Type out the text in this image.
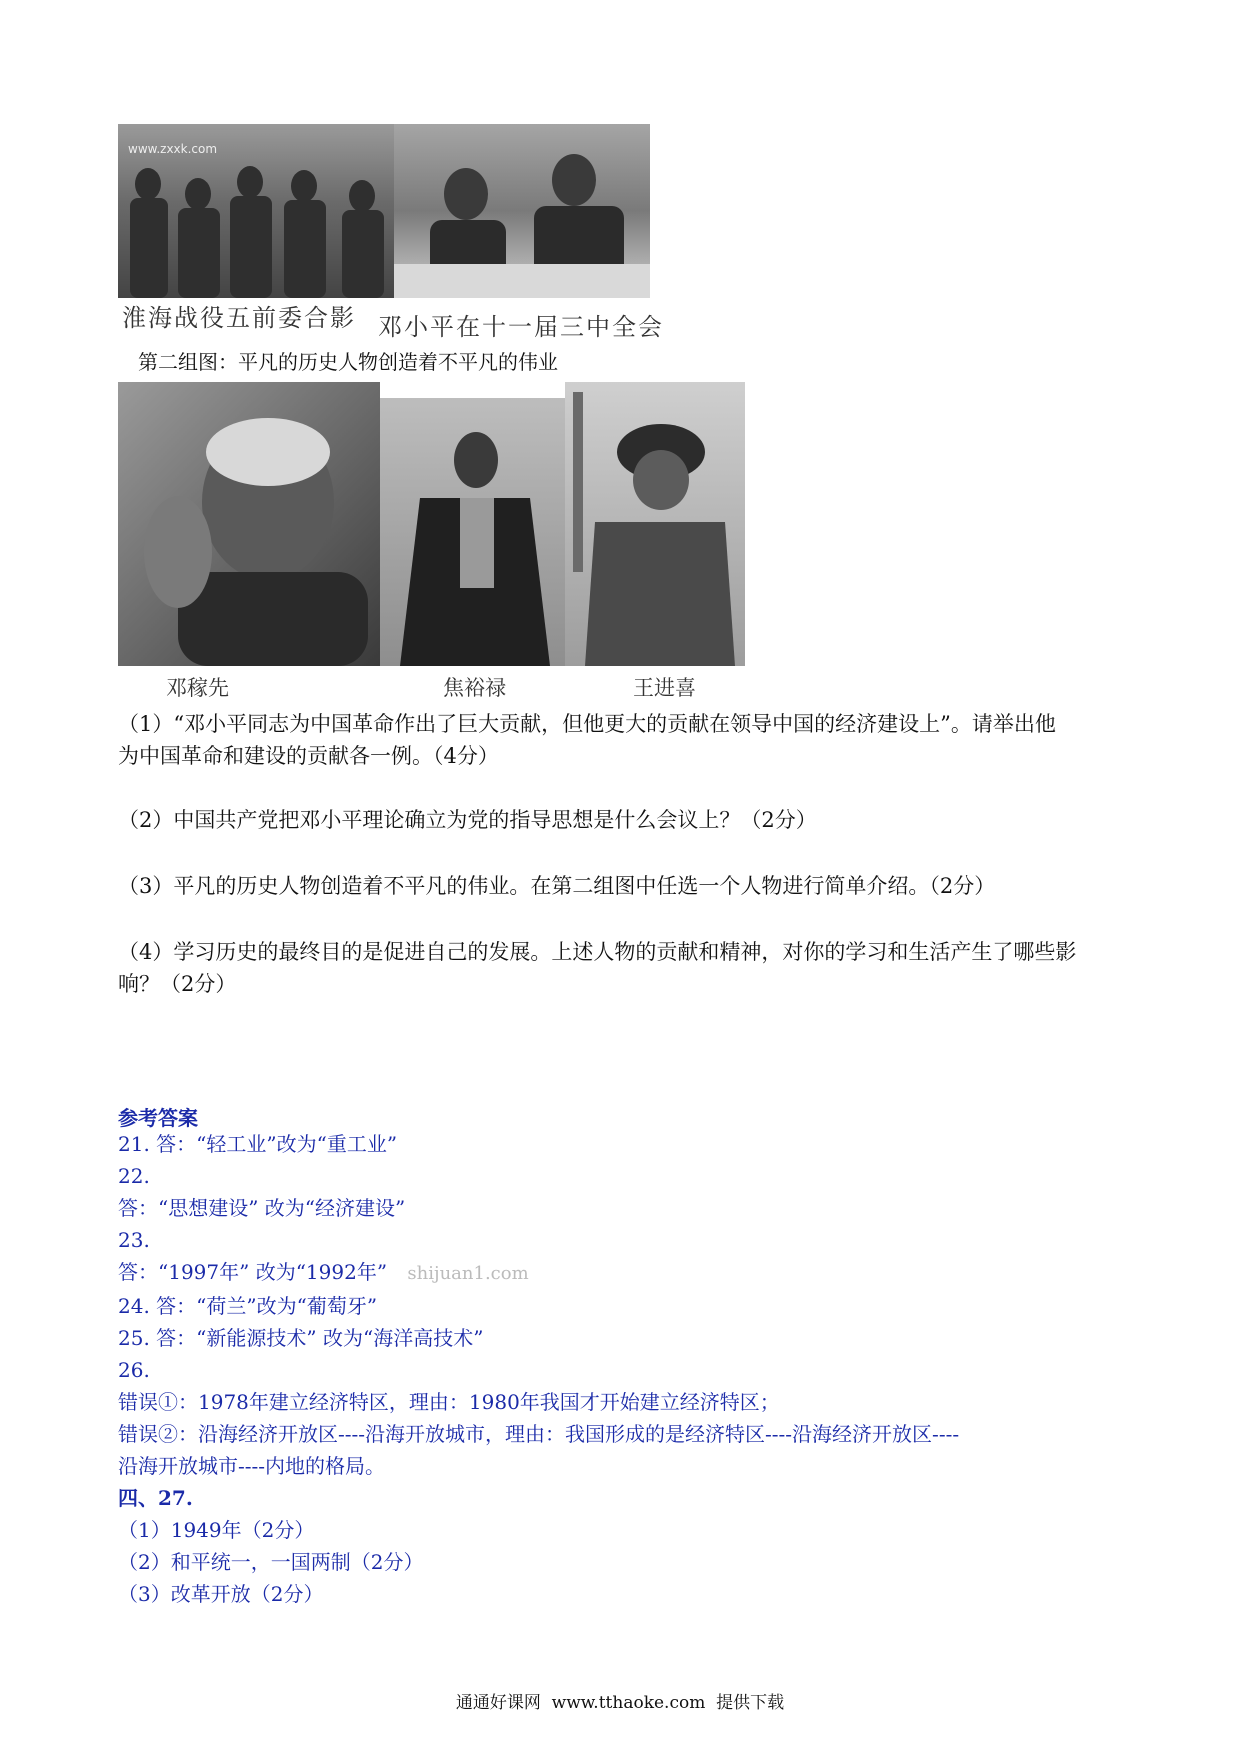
www.zxxk.com
淮海战役五前委合影 邓小平在十一届三中全会
第二组图：平凡的历史人物创造着不平凡的伟业
邓稼先	焦裕禄	王进喜
（1）“邓小平同志为中国革命作出了巨大贡献，但他更大的贡献在领导中国的经济建设上”。请举出他
为中国革命和建设的贡献各一例。（4分）
（2）中国共产党把邓小平理论确立为党的指导思想是什么会议上？（2分）
（3）平凡的历史人物创造着不平凡的伟业。在第二组图中任选一个人物进行简单介绍。（2分）
（4）学习历史的最终目的是促进自己的发展。上述人物的贡献和精神，对你的学习和生活产生了哪些影
响？（2分）
参考答案
21. 答：“轻工业”改为“重工业”
22.
答：“思想建设” 改为“经济建设”
23.
答：“1997年” 改为“1992年” shijuan1.com
24. 答：“荷兰”改为“葡萄牙”
25. 答：“新能源技术” 改为“海洋高技术”
26.
错误①：1978年建立经济特区，理由：1980年我国才开始建立经济特区；
错误②：沿海经济开放区----沿海开放城市，理由：我国形成的是经济特区----沿海经济开放区----
沿海开放城市----内地的格局。
四、27.
（1）1949年（2分）
（2）和平统一，一国两制（2分）
（3）改革开放（2分）
通通好课网  www.tthaoke.com  提供下载
